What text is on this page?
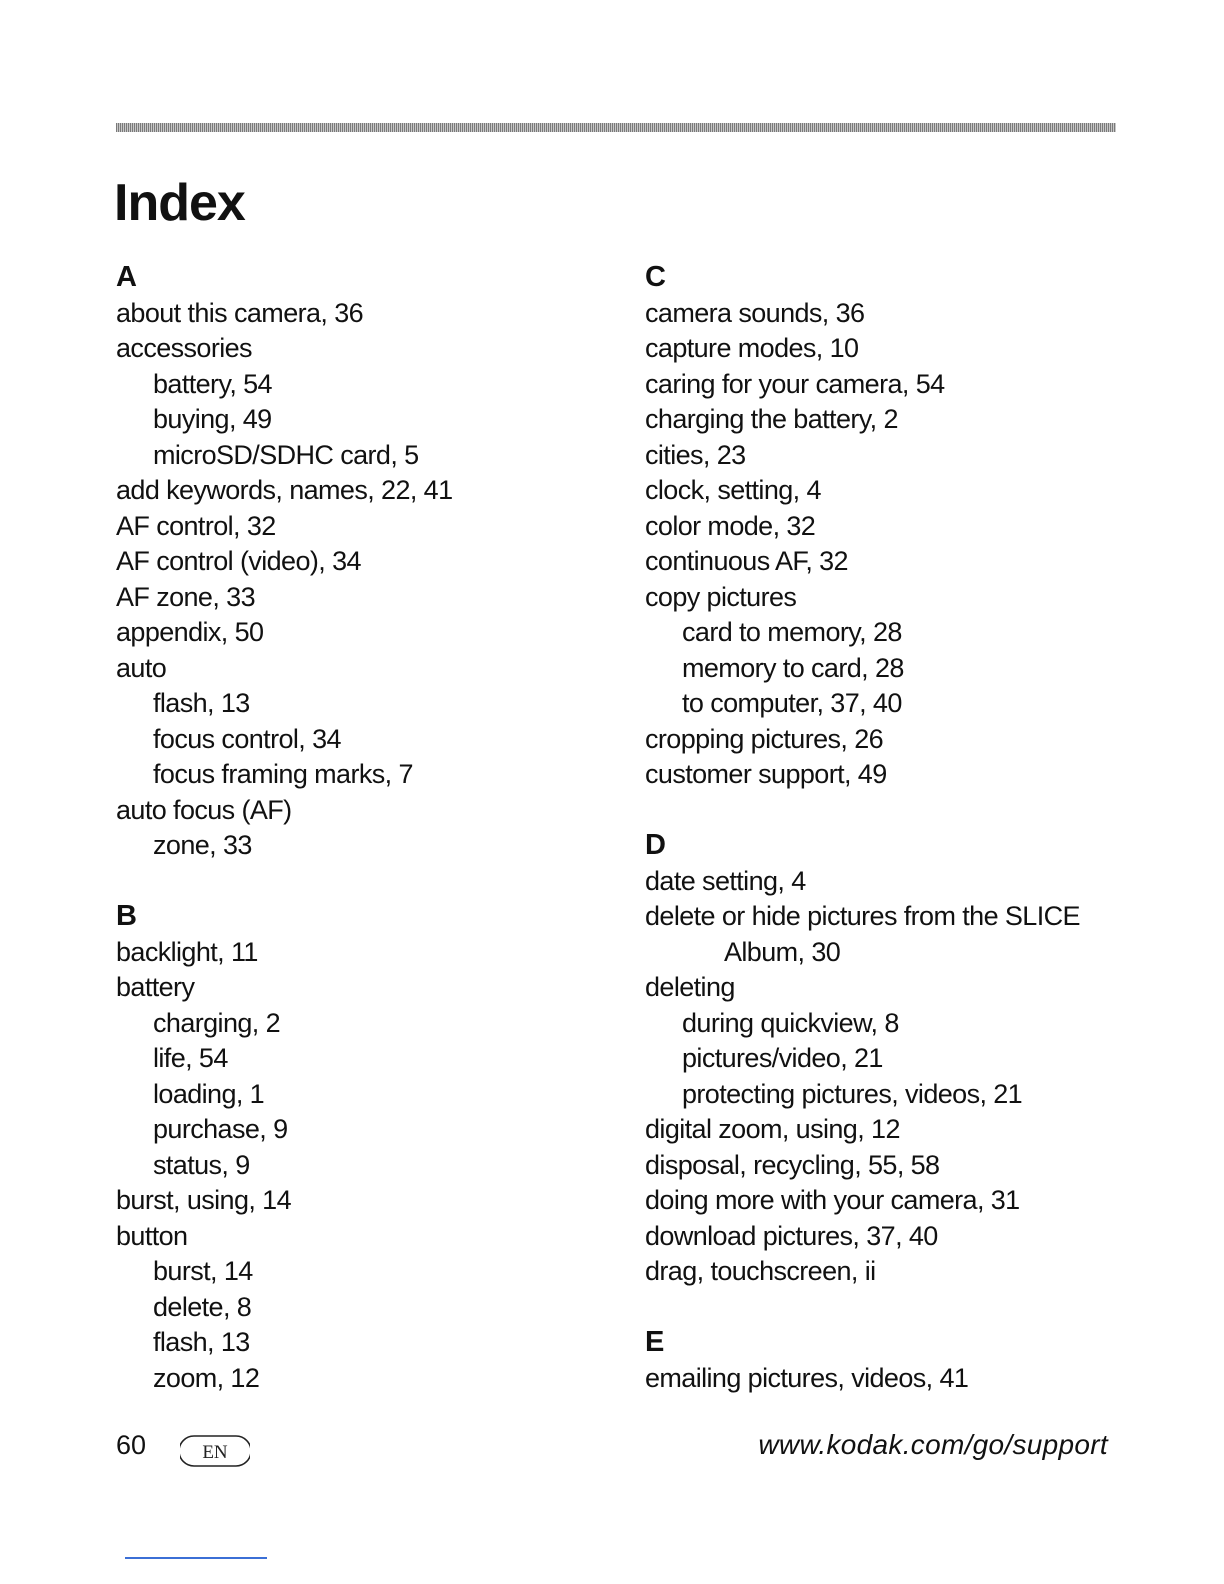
Index
A
about this camera, 36
accessories
battery, 54
buying, 49
microSD/SDHC card, 5
add keywords, names, 22, 41
AF control, 32
AF control (video), 34
AF zone, 33
appendix, 50
auto
flash, 13
focus control, 34
focus framing marks, 7
auto focus (AF)
zone, 33
B
backlight, 11
battery
charging, 2
life, 54
loading, 1
purchase, 9
status, 9
burst, using, 14
button
burst, 14
delete, 8
flash, 13
zoom, 12
C
camera sounds, 36
capture modes, 10
caring for your camera, 54
charging the battery, 2
cities, 23
clock, setting, 4
color mode, 32
continuous AF, 32
copy pictures
card to memory, 28
memory to card, 28
to computer, 37, 40
cropping pictures, 26
customer support, 49
D
date setting, 4
delete or hide pictures from the SLICE
Album, 30
deleting
during quickview, 8
pictures/video, 21
protecting pictures, videos, 21
digital zoom, using, 12
disposal, recycling, 55, 58
doing more with your camera, 31
download pictures, 37, 40
drag, touchscreen, ii
E
emailing pictures, videos, 41
60	EN	www.kodak.com/go/support
